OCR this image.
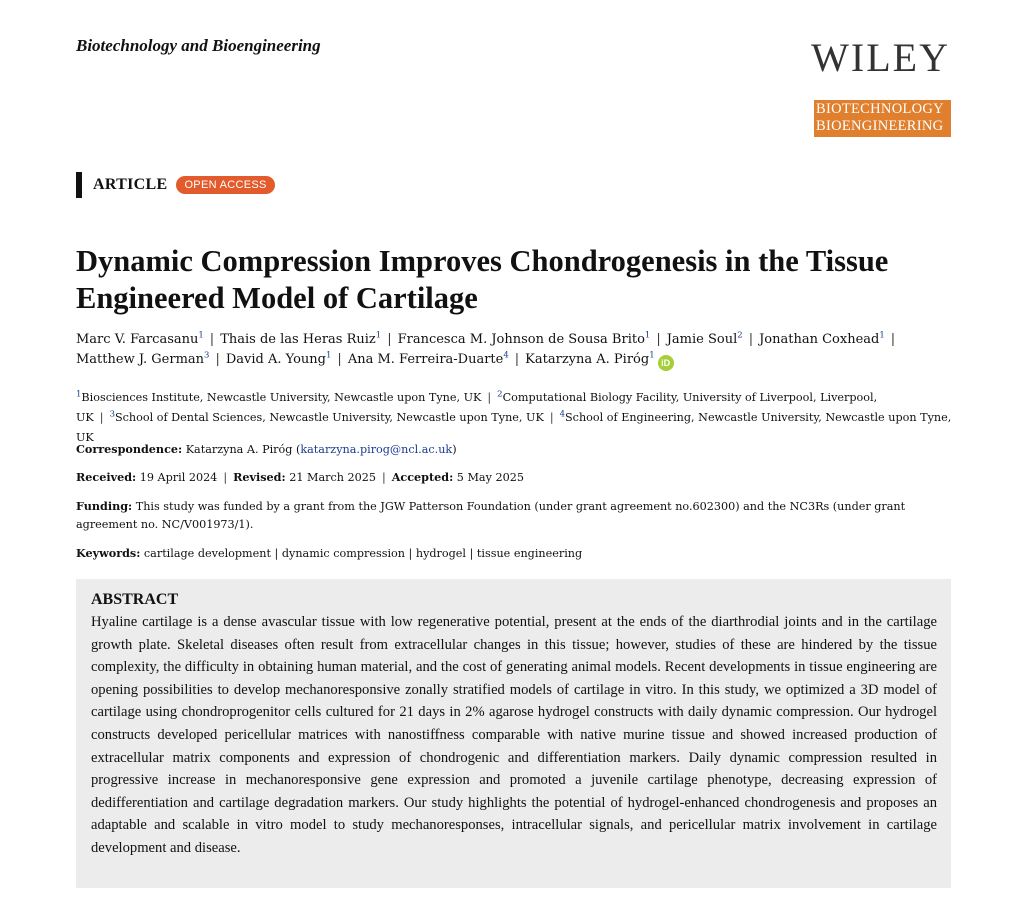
Biotechnology and Bioengineering	WILEY
BIOTECHNOLOGY
BIOENGINEERING
ARTICLE	OPEN ACCESS
Dynamic Compression Improves Chondrogenesis in the Tissue Engineered Model of Cartilage
Marc V. Farcasanu$^1$ | Thais de las Heras Ruiz$^1$ | Francesca M. Johnson de Sousa Brito$^1$ | Jamie Soul$^2$ | Jonathan Coxhead$^1$ |
Matthew J. German$^3$ | David A. Young$^1$ | Ana M. Ferreira-Duarte$^4$ | Katarzyna A. Piróg$^1$iD
$^1$Biosciences Institute, Newcastle University, Newcastle upon Tyne, UK | $^2$Computational Biology Facility, University of Liverpool, Liverpool, UK | $^3$School of Dental Sciences, Newcastle University, Newcastle upon Tyne, UK | $^4$School of Engineering, Newcastle University, Newcastle upon Tyne, UK
Correspondence: Katarzyna A. Piróg (katarzyna.pirog@ncl.ac.uk)
Received: 19 April 2024 | Revised: 21 March 2025 | Accepted: 5 May 2025
Funding: This study was funded by a grant from the JGW Patterson Foundation (under grant agreement no.602300) and the NC3Rs (under grant agreement no. NC/V001973/1).
Keywords: cartilage development | dynamic compression | hydrogel | tissue engineering
ABSTRACT
Hyaline cartilage is a dense avascular tissue with low regenerative potential, present at the ends of the diarthrodial joints and in the cartilage growth plate. Skeletal diseases often result from extracellular changes in this tissue; however, studies of these are hindered by the tissue complexity, the difficulty in obtaining human material, and the cost of generating animal models. Recent developments in tissue engineering are opening possibilities to develop mechanoresponsive zonally stratified models of cartilage in vitro. In this study, we optimized a 3D model of cartilage using chondroprogenitor cells cultured for 21 days in 2% agarose hydrogel constructs with daily dynamic compression. Our hydrogel constructs developed pericellular matrices with nanostiffness comparable with native murine tissue and showed increased production of extracellular matrix components and expression of chondrogenic and differentiation markers. Daily dynamic compression resulted in progressive increase in mechanoresponsive gene expression and promoted a juvenile cartilage phenotype, decreasing expression of dedifferentiation and cartilage degradation markers. Our study highlights the potential of hydrogel-enhanced chondrogenesis and proposes an adaptable and scalable in vitro model to study mechanoresponses, intracellular signals, and pericellular matrix involvement in cartilage development and disease.
